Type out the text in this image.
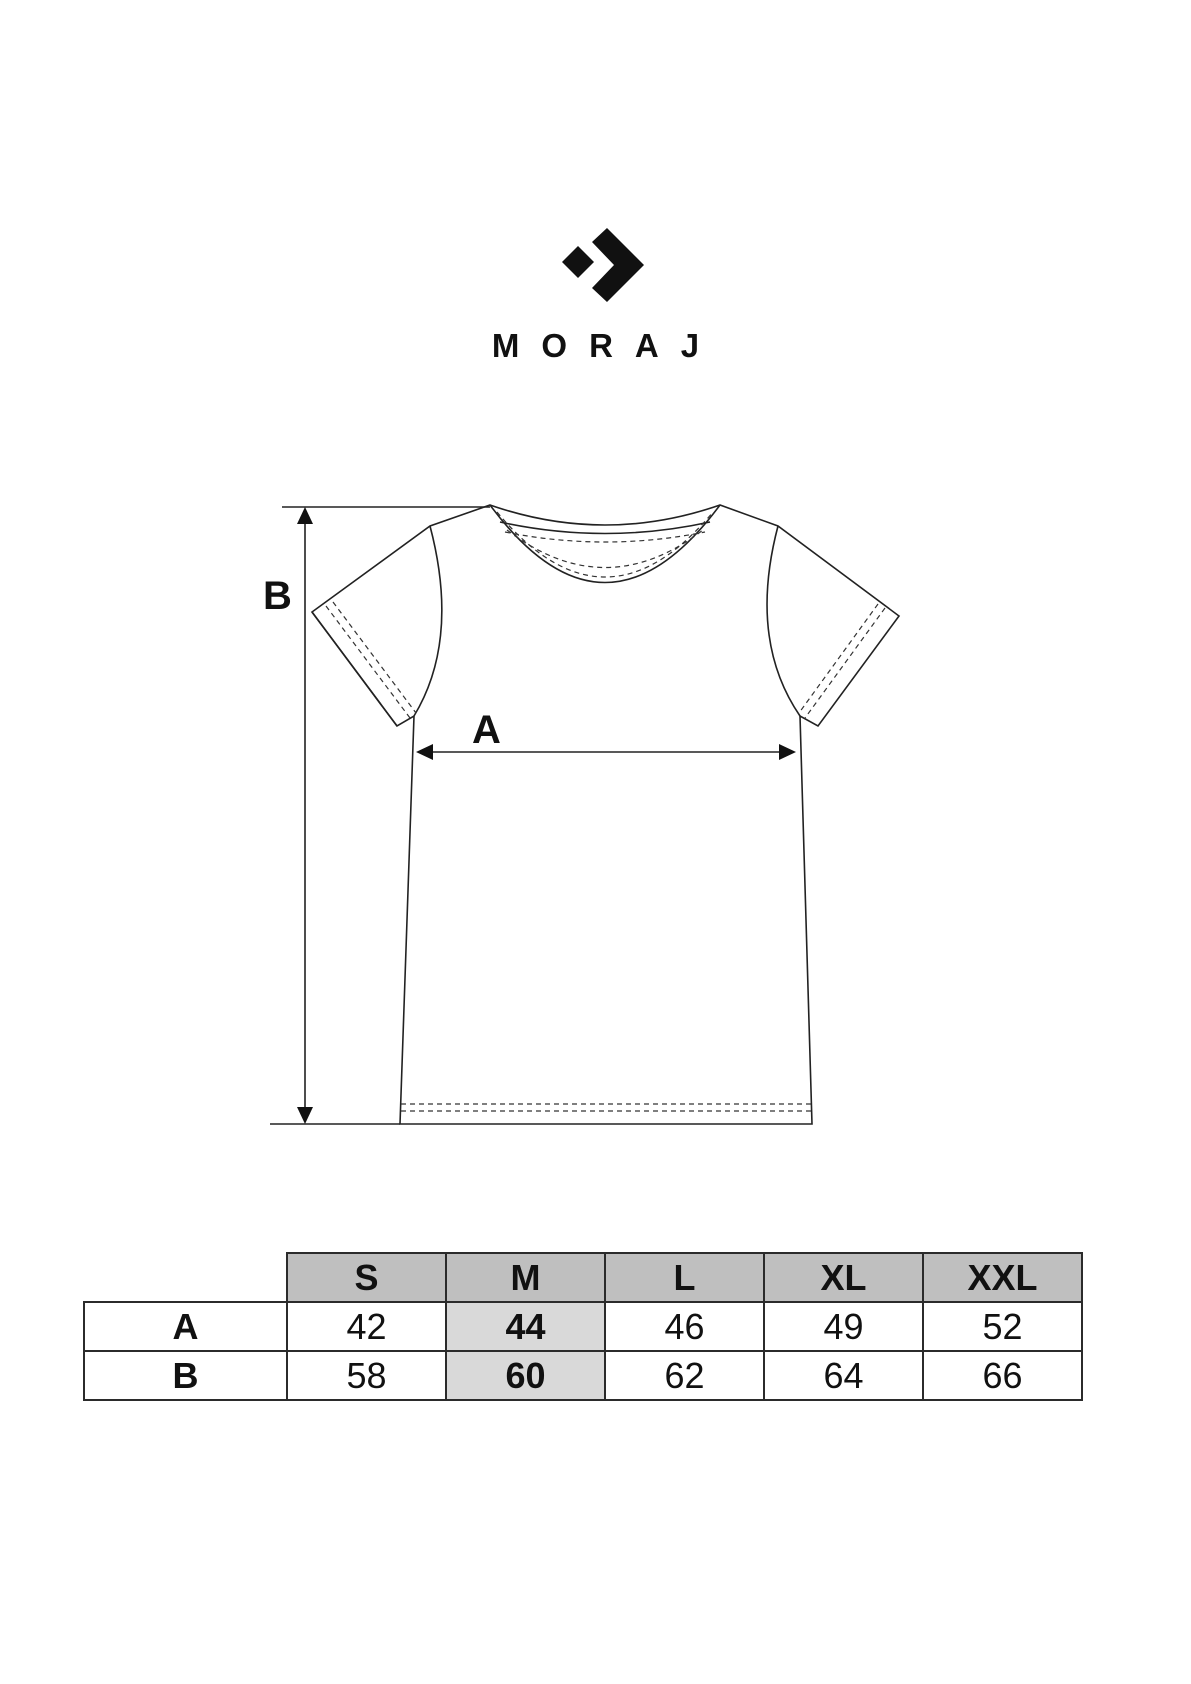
MORAJ
B
A
	S	M	L	XL	XXL
A	42	44	46	49	52
B	58	60	62	64	66
